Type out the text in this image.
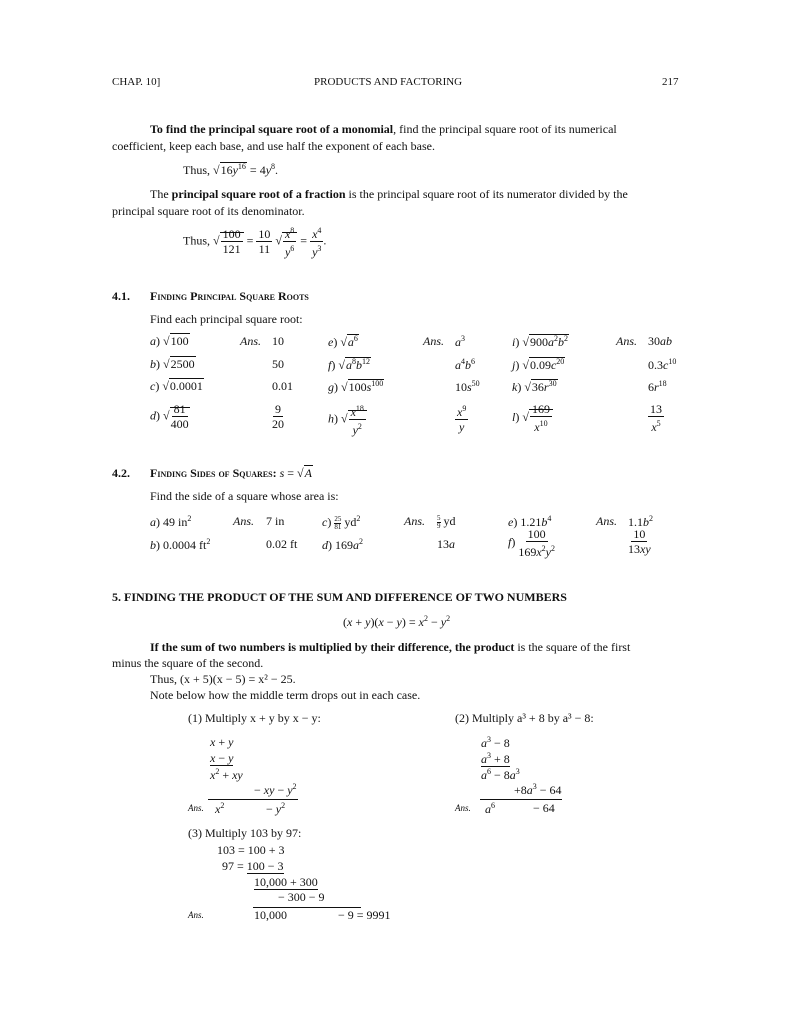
CHAP. 10]	PRODUCTS AND FACTORING	217
To find the principal square root of a monomial, find the principal square root of its numerical
coefficient, keep each base, and use half the exponent of each base.
Thus, $√16y^{16} = 4y^8$.
The principal square root of a fraction is the principal square root of its numerator divided by the
principal square root of its denominator.
Thus, √ $\frac{100}{121} = \frac{10}{11}$ √ $\frac{x^8}{y^6} = \frac{x^4}{y^3}$ .
4.1. Finding Principal Square Roots
Find each principal square root:
a) √100	Ans. 10
b) √2500	50
c) √0.0001	0.01
d) √ $\frac{81}{400}$	$\frac{9}{20}$
e) $√a^6$	Ans. $a^3$
f) $√a^8b^{12}$	$a^4b^6$
g) $√100s^{100}$	$10s^{50}$
h) √ $\frac{x^{18}}{y^2}$	$\frac{x^9}{y}$
i) $√900a^2b^2$	Ans. 30ab
j) $√0.09c^{20}$	$0.3c^{10}$
k) $√36r^{30}$	$6r^{18}$
l) √ $\frac{169}{x^{10}}$	$\frac{13}{x^5}$
4.2. Finding Sides of Squares: s = √A
Find the side of a square whose area is:
a) 49 $in^2$	Ans. 7 in
b) 0.0004 $ft^2$	0.02 ft
$c) \frac{25}{81} yd^2$	Ans. $\frac{5}{9}$ yd
d) $169a^2$	13a
e) $1.21b^4$	Ans. $1.1b^2$
$f) \frac{100}{169x^2y^2}$	$\frac{10}{13xy}$
5. FINDING THE PRODUCT OF THE SUM AND DIFFERENCE OF TWO NUMBERS
$(x + y)(x - y) = x^2 - y^2$
If the sum of two numbers is multiplied by their difference, the product is the square of the first
minus the square of the second.
Thus, (x + 5)(x − 5) = x² − 25.
Note below how the middle term drops out in each case.
(1) Multiply x + y by x − y:
x + y
x − y
$x^2$ + xy
− xy − $y^2$
Ans. $x^2$	− $y^2$
(2) Multiply a³ + 8 by a³ − 8:
$a^3 - 8$
$a^3 + 8$
$a^6 - 8a^3$
$+8a^3 - 64$
Ans. $a^6$	− 64
(3) Multiply 103 by 97:
103 = 100 + 3
97 = 100 − 3
10,000 + 300
− 300 − 9
Ans.	10,000	− 9 = 9991
